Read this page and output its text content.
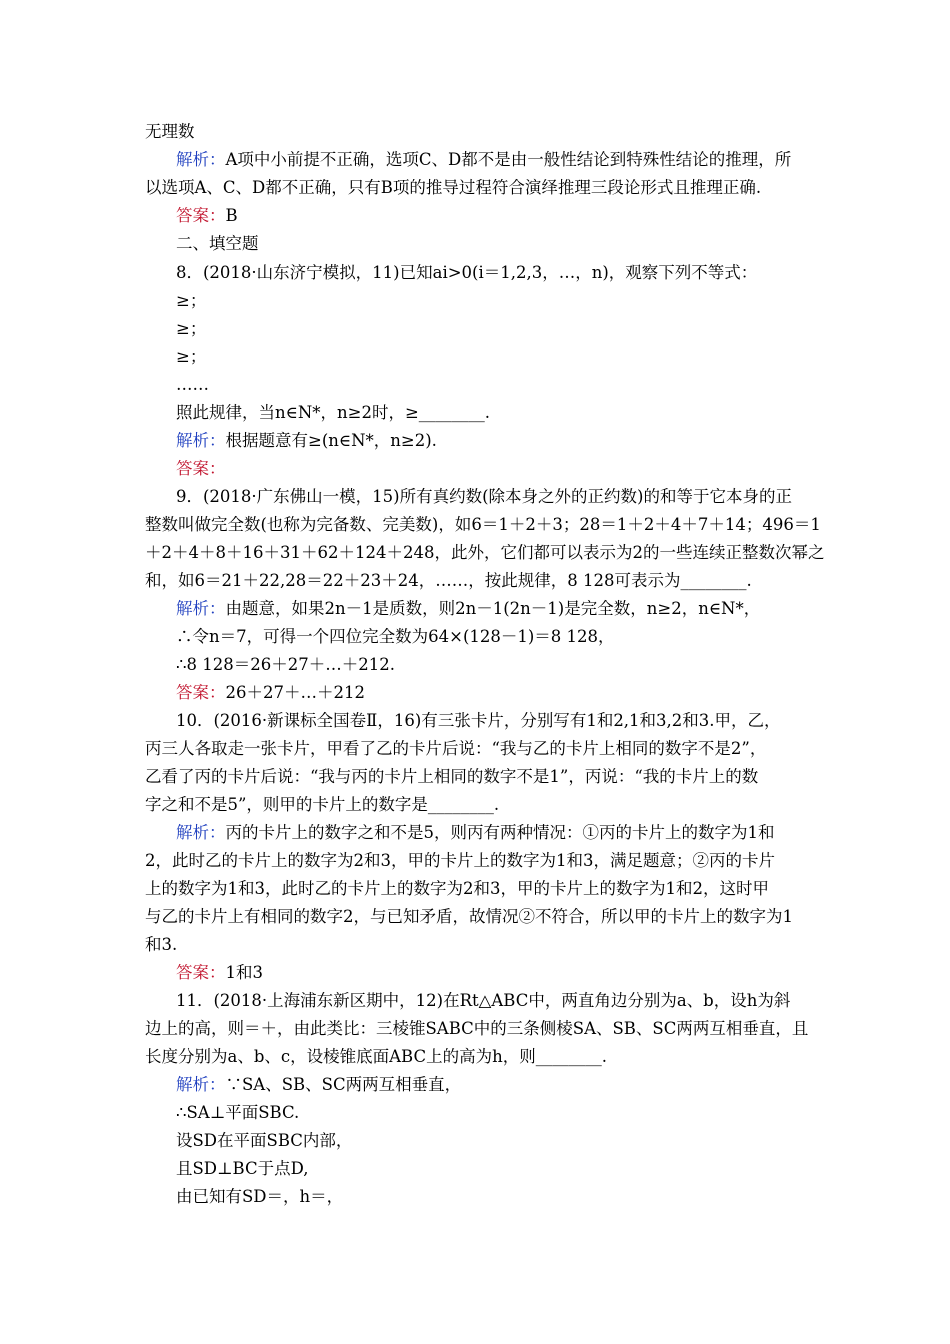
无理数
解析：A项中小前提不正确，选项C、D都不是由一般性结论到特殊性结论的推理，所
以选项A、C、D都不正确，只有B项的推导过程符合演绎推理三段论形式且推理正确.
答案：B
二、填空题
8．(2018·山东济宁模拟，11)已知ai>0(i＝1,2,3，…，n)，观察下列不等式：
≥；
≥；
≥；
……
照此规律，当n∈N*，n≥2时，≥________.
解析：根据题意有≥(n∈N*，n≥2).
答案：
9．(2018·广东佛山一模，15)所有真约数(除本身之外的正约数)的和等于它本身的正
整数叫做完全数(也称为完备数、完美数)，如6＝1＋2＋3；28＝1＋2＋4＋7＋14；496＝1
＋2＋4＋8＋16＋31＋62＋124＋248，此外，它们都可以表示为2的一些连续正整数次幂之
和，如6＝21＋22,28＝22＋23＋24，……，按此规律，8 128可表示为________.
解析：由题意，如果2n－1是质数，则2n－1(2n－1)是完全数，n≥2，n∈N*，
∴令n＝7，可得一个四位完全数为64×(128－1)＝8 128，
∴8 128＝26＋27＋…＋212.
答案：26＋27＋…＋212
10．(2016·新课标全国卷Ⅱ，16)有三张卡片，分别写有1和2,1和3,2和3.甲，乙，
丙三人各取走一张卡片，甲看了乙的卡片后说：“我与乙的卡片上相同的数字不是2”，
乙看了丙的卡片后说：“我与丙的卡片上相同的数字不是1”，丙说：“我的卡片上的数
字之和不是5”，则甲的卡片上的数字是________.
解析：丙的卡片上的数字之和不是5，则丙有两种情况：①丙的卡片上的数字为1和
2，此时乙的卡片上的数字为2和3，甲的卡片上的数字为1和3，满足题意；②丙的卡片
上的数字为1和3，此时乙的卡片上的数字为2和3，甲的卡片上的数字为1和2，这时甲
与乙的卡片上有相同的数字2，与已知矛盾，故情况②不符合，所以甲的卡片上的数字为1
和3.
答案：1和3
11．(2018·上海浦东新区期中，12)在Rt△ABC中，两直角边分别为a、b，设h为斜
边上的高，则＝＋，由此类比：三棱锥SABC中的三条侧棱SA、SB、SC两两互相垂直，且
长度分别为a、b、c，设棱锥底面ABC上的高为h，则________.
解析：∵SA、SB、SC两两互相垂直，
∴SA⊥平面SBC.
设SD在平面SBC内部，
且SD⊥BC于点D,
由已知有SD＝，h＝，
